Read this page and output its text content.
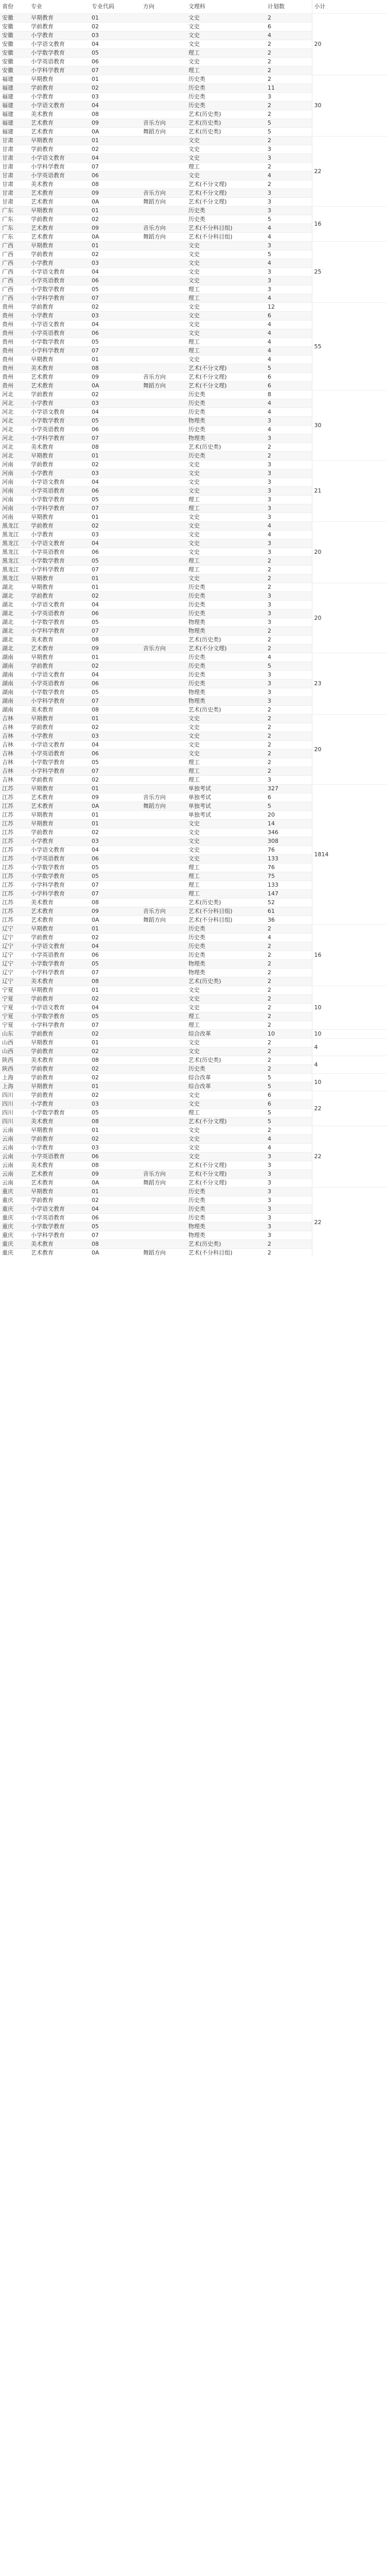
省份	专业	专业代码	方向	文理科	计划数	小计
安徽	早期教育	01		文史	2	20
安徽	学前教育	02		文史	6	
安徽	小学教育	03		文史	4	
安徽	小学语文教育	04		文史	2	
安徽	小学数学教育	05		理工	2	
安徽	小学英语教育	06		文史	2	
安徽	小学科学教育	07		理工	2	
福建	早期教育	01		历史类	2	30
福建	学前教育	02		历史类	11	
福建	小学教育	03		历史类	3	
福建	小学语文教育	04		历史类	2	
福建	美术教育	08		艺术(历史类)	2	
福建	艺术教育	09	音乐方向	艺术(历史类)	5	
福建	艺术教育	0A	舞蹈方向	艺术(历史类)	5	
甘肃	早期教育	01		文史	2	22
甘肃	学前教育	02		文史	3	
甘肃	小学语文教育	04		文史	3	
甘肃	小学科学教育	07		理工	2	
甘肃	小学英语教育	06		文史	4	
甘肃	美术教育	08		艺术(不分文理)	2	
甘肃	艺术教育	09	音乐方向	艺术(不分文理)	3	
甘肃	艺术教育	0A	舞蹈方向	艺术(不分文理)	3	
广东	早期教育	01		历史类	3	16
广东	学前教育	02		历史类	5	
广东	艺术教育	09	音乐方向	艺术(不分科目组)	4	
广东	艺术教育	0A	舞蹈方向	艺术(不分科目组)	4	
广西	早期教育	01		文史	3	25
广西	学前教育	02		文史	5	
广西	小学教育	03		文史	4	
广西	小学语文教育	04		文史	3	
广西	小学英语教育	06		文史	3	
广西	小学数学教育	05		理工	3	
广西	小学科学教育	07		理工	4	
贵州	学前教育	02		文史	12	55
贵州	小学教育	03		文史	6	
贵州	小学语文教育	04		文史	4	
贵州	小学英语教育	06		文史	4	
贵州	小学数学教育	05		理工	4	
贵州	小学科学教育	07		理工	4	
贵州	早期教育	01		文史	4	
贵州	美术教育	08		艺术(不分文理)	5	
贵州	艺术教育	09	音乐方向	艺术(不分文理)	6	
贵州	艺术教育	0A	舞蹈方向	艺术(不分文理)	6	
河北	学前教育	02		历史类	8	30
河北	小学教育	03		历史类	4	
河北	小学语文教育	04		历史类	4	
河北	小学数学教育	05		物理类	3	
河北	小学英语教育	06		历史类	4	
河北	小学科学教育	07		物理类	3	
河北	美术教育	08		艺术(历史类)	2	
河北	早期教育	01		历史类	2	
河南	学前教育	02		文史	3	21
河南	小学教育	03		文史	3	
河南	小学语文教育	04		文史	3	
河南	小学英语教育	06		文史	3	
河南	小学数学教育	05		理工	3	
河南	小学科学教育	07		理工	3	
河南	早期教育	01		文史	3	
黑龙江	学前教育	02		文史	4	20
黑龙江	小学教育	03		文史	4	
黑龙江	小学语文教育	04		文史	3	
黑龙江	小学英语教育	06		文史	3	
黑龙江	小学数学教育	05		理工	2	
黑龙江	小学科学教育	07		理工	2	
黑龙江	早期教育	01		文史	2	
湖北	早期教育	01		历史类	2	20
湖北	学前教育	02		历史类	3	
湖北	小学语文教育	04		历史类	3	
湖北	小学英语教育	06		历史类	3	
湖北	小学数学教育	05		物理类	3	
湖北	小学科学教育	07		物理类	2	
湖北	美术教育	08		艺术(历史类)	2	
湖北	艺术教育	09	音乐方向	艺术(不分文理)	2	
湖南	早期教育	01		历史类	4	23
湖南	学前教育	02		历史类	5	
湖南	小学语文教育	04		历史类	3	
湖南	小学英语教育	06		历史类	3	
湖南	小学数学教育	05		物理类	3	
湖南	小学科学教育	07		物理类	3	
湖南	美术教育	08		艺术(历史类)	2	
吉林	早期教育	01		文史	2	20
吉林	学前教育	02		文史	2	
吉林	小学教育	03		文史	2	
吉林	小学语文教育	04		文史	2	
吉林	小学英语教育	06		文史	2	
吉林	小学数学教育	05		理工	2	
吉林	小学科学教育	07		理工	2	
吉林	学前教育	02		理工	3	
江苏	早期教育	01		单独考试	327	1814
江苏	艺术教育	09	音乐方向	单独考试	6	
江苏	艺术教育	0A	舞蹈方向	单独考试	5	
江苏	早期教育	01		单独考试	20	
江苏	早期教育	01		文史	14	
江苏	学前教育	02		文史	346	
江苏	小学教育	03		文史	308	
江苏	小学语文教育	04		文史	76	
江苏	小学英语教育	06		文史	133	
江苏	小学数学教育	05		理工	76	
江苏	小学数学教育	05		理工	75	
江苏	小学科学教育	07		理工	133	
江苏	小学科学教育	07		理工	147	
江苏	美术教育	08		艺术(历史类)	52	
江苏	艺术教育	09	音乐方向	艺术(不分科目组)	61	
江苏	艺术教育	0A	舞蹈方向	艺术(不分科目组)	36	
辽宁	早期教育	01		历史类	2	16
辽宁	学前教育	02		历史类	4	
辽宁	小学语文教育	04		历史类	2	
辽宁	小学英语教育	06		历史类	2	
辽宁	小学数学教育	05		物理类	2	
辽宁	小学科学教育	07		物理类	2	
辽宁	美术教育	08		艺术(历史类)	2	
宁夏	早期教育	01		文史	2	10
宁夏	学前教育	02		文史	2	
宁夏	小学语文教育	04		文史	2	
宁夏	小学数学教育	05		理工	2	
宁夏	小学科学教育	07		理工	2	
山东	学前教育	02		综合改革	10	10
山西	早期教育	01		文史	2	4
山西	学前教育	02		文史	2	
陕西	美术教育	08		艺术(历史类)	2	4
陕西	学前教育	02		历史类	2	
上海	学前教育	02		综合改革	5	10
上海	早期教育	01		综合改革	5	
四川	学前教育	02		文史	6	22
四川	小学教育	03		文史	6	
四川	小学数学教育	05		理工	5	
四川	美术教育	08		艺术(不分文理)	5	
云南	早期教育	01		文史	2	22
云南	学前教育	02		文史	4	
云南	小学教育	03		文史	4	
云南	小学英语教育	06		文史	3	
云南	美术教育	08		艺术(不分文理)	3	
云南	艺术教育	09	音乐方向	艺术(不分文理)	3	
云南	艺术教育	0A	舞蹈方向	艺术(不分文理)	3	
重庆	早期教育	01		历史类	3	22
重庆	学前教育	02		历史类	3	
重庆	小学语文教育	04		历史类	3	
重庆	小学英语教育	06		历史类	3	
重庆	小学数学教育	05		物理类	3	
重庆	小学科学教育	07		物理类	3	
重庆	美术教育	08		艺术(历史类)	2	
重庆	艺术教育	0A	舞蹈方向	艺术(不分科目组)	2	
